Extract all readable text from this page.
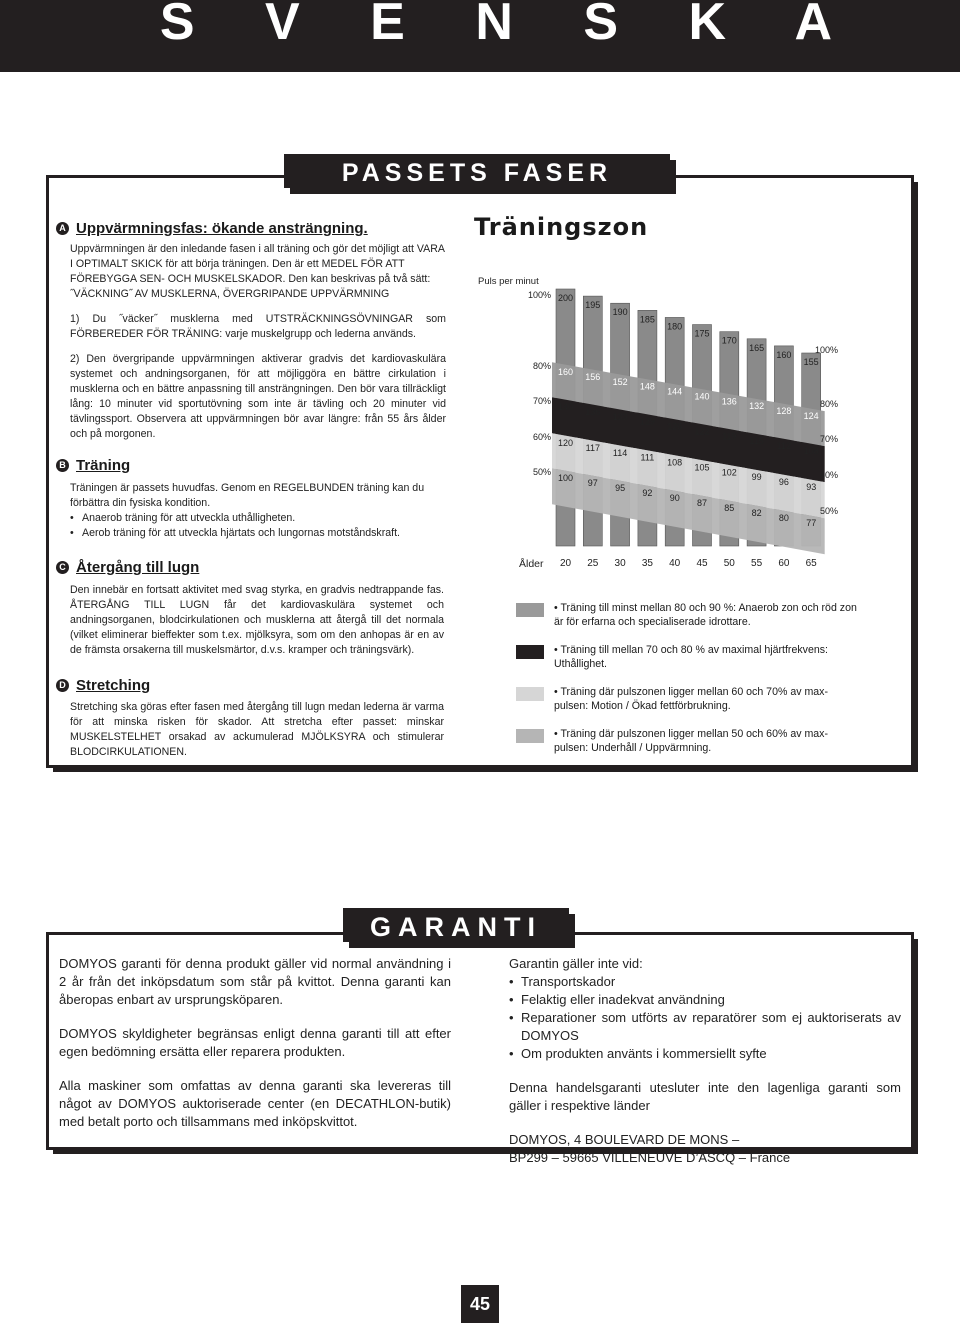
S V E N S K A
PASSETS FASER
A Uppvärmningsfas: ökande ansträngning.

Uppvärmningen är den inledande fasen i all träning och gör det möjligt att VARA I OPTIMALT SKICK för att börja träningen. Den är ett MEDEL FÖR ATT FÖREBYGGA SEN- OCH MUSKELSKADOR. Den kan beskrivas på två sätt: ˝VÄCKNING˝ AV MUSKLERNA, ÖVERGRIPANDE UPPVÄRMNING

1) Du ˝väcker˝ musklerna med UTSTRÄCKNINGSÖVNINGAR som FÖRBEREDER FÖR TRÄNING: varje muskelgrupp och lederna används.

2) Den övergripande uppvärmningen aktiverar gradvis det kardiovaskulära systemet och andningsorganen, för att möjliggöra en bättre cirkulation i musklerna och en bättre anpassning till ansträngningen. Den bör vara tillräckligt lång: 10 minuter vid sportutövning som inte är tävling och 20 minuter vid tävlingssport. Observera att uppvärmningen bör avar längre: från 55 års ålder och på morgonen.

B Träning

Träningen är passets huvudfas. Genom en REGELBUNDEN träning kan du förbättra din fysiska kondition.

• Anaerob träning för att utveckla uthålligheten.
• Aerob träning för att utveckla hjärtats och lungornas motståndskraft.
C Återgång till lugn

Den innebär en fortsatt aktivitet med svag styrka, en gradvis nedtrappande fas. ÅTERGÅNG TILL LUGN får det kardiovaskulära systemet och andningsorganen, blodcirkulationen och musklerna att återgå till det normala (vilket eliminerar bieffekter som t.ex. mjölksyra, som om den anhopas är en av de främsta orsakerna till muskelsmärtor, d.v.s. kramper och träningsvärk).

D Stretching

Stretching ska göras efter fasen med återgång till lugn medan lederna är varma för att minska risken för skador. Att stretcha efter passet: minskar MUSKELSTELHET orsakad av ackumulerad MJÖLKSYRA och stimulerar BLODCIRKULATIONEN.

Träningszon
Puls per minut
Ålder
200
195
190
185
180
175
170
165
160
155
160 156 152 148 144 140 136 132 128 124
140 136 133 129 126 122 119 115 112 108
120 117 114 111 108 105 102 99 96 93
100 97 95 92 90 87 85 82 80 77
100%
100%
80%
80%
70%
70%
60%
60%
50%
50%
20 25 30 35 40 45 50 55 60 65
• Träning till minst mellan 80 och 90 %: Anaerob zon och röd zon är för erfarna och specialiserade idrottare.
• Träning till mellan 70 och 80 % av maximal hjärtfrekvens: Uthållighet.
• Träning där pulszonen ligger mellan 60 och 70% av max-pulsen: Motion / Ökad fettförbrukning.
• Träning där pulszonen ligger mellan 50 och 60% av max-pulsen: Underhåll / Uppvärmning.
GARANTI

DOMYOS garanti för denna produkt gäller vid normal användning i 2 år från det inköpsdatum som står på kvittot. Denna garanti kan åberopas enbart av ursprungsköparen.

DOMYOS skyldigheter begränsas enligt denna garanti till att efter egen bedömning ersätta eller reparera produkten.

Alla maskiner som omfattas av denna garanti ska levereras till något av DOMYOS auktoriserade center (en DECATHLON-butik) med betalt porto och tillsammans med inköpskvittot.

Garantin gäller inte vid:

• Transportskador
• Felaktig eller inadekvat användning
• Reparationer som utförts av reparatörer som ej auktoriserats av DOMYOS
• Om produkten använts i kommersiellt syfte

Denna handelsgaranti utesluter inte den lagenliga garanti som gäller i respektive länder

DOMYOS, 4 BOULEVARD DE MONS –

BP299 – 59665 VILLENEUVE D’ASCQ – France

45
